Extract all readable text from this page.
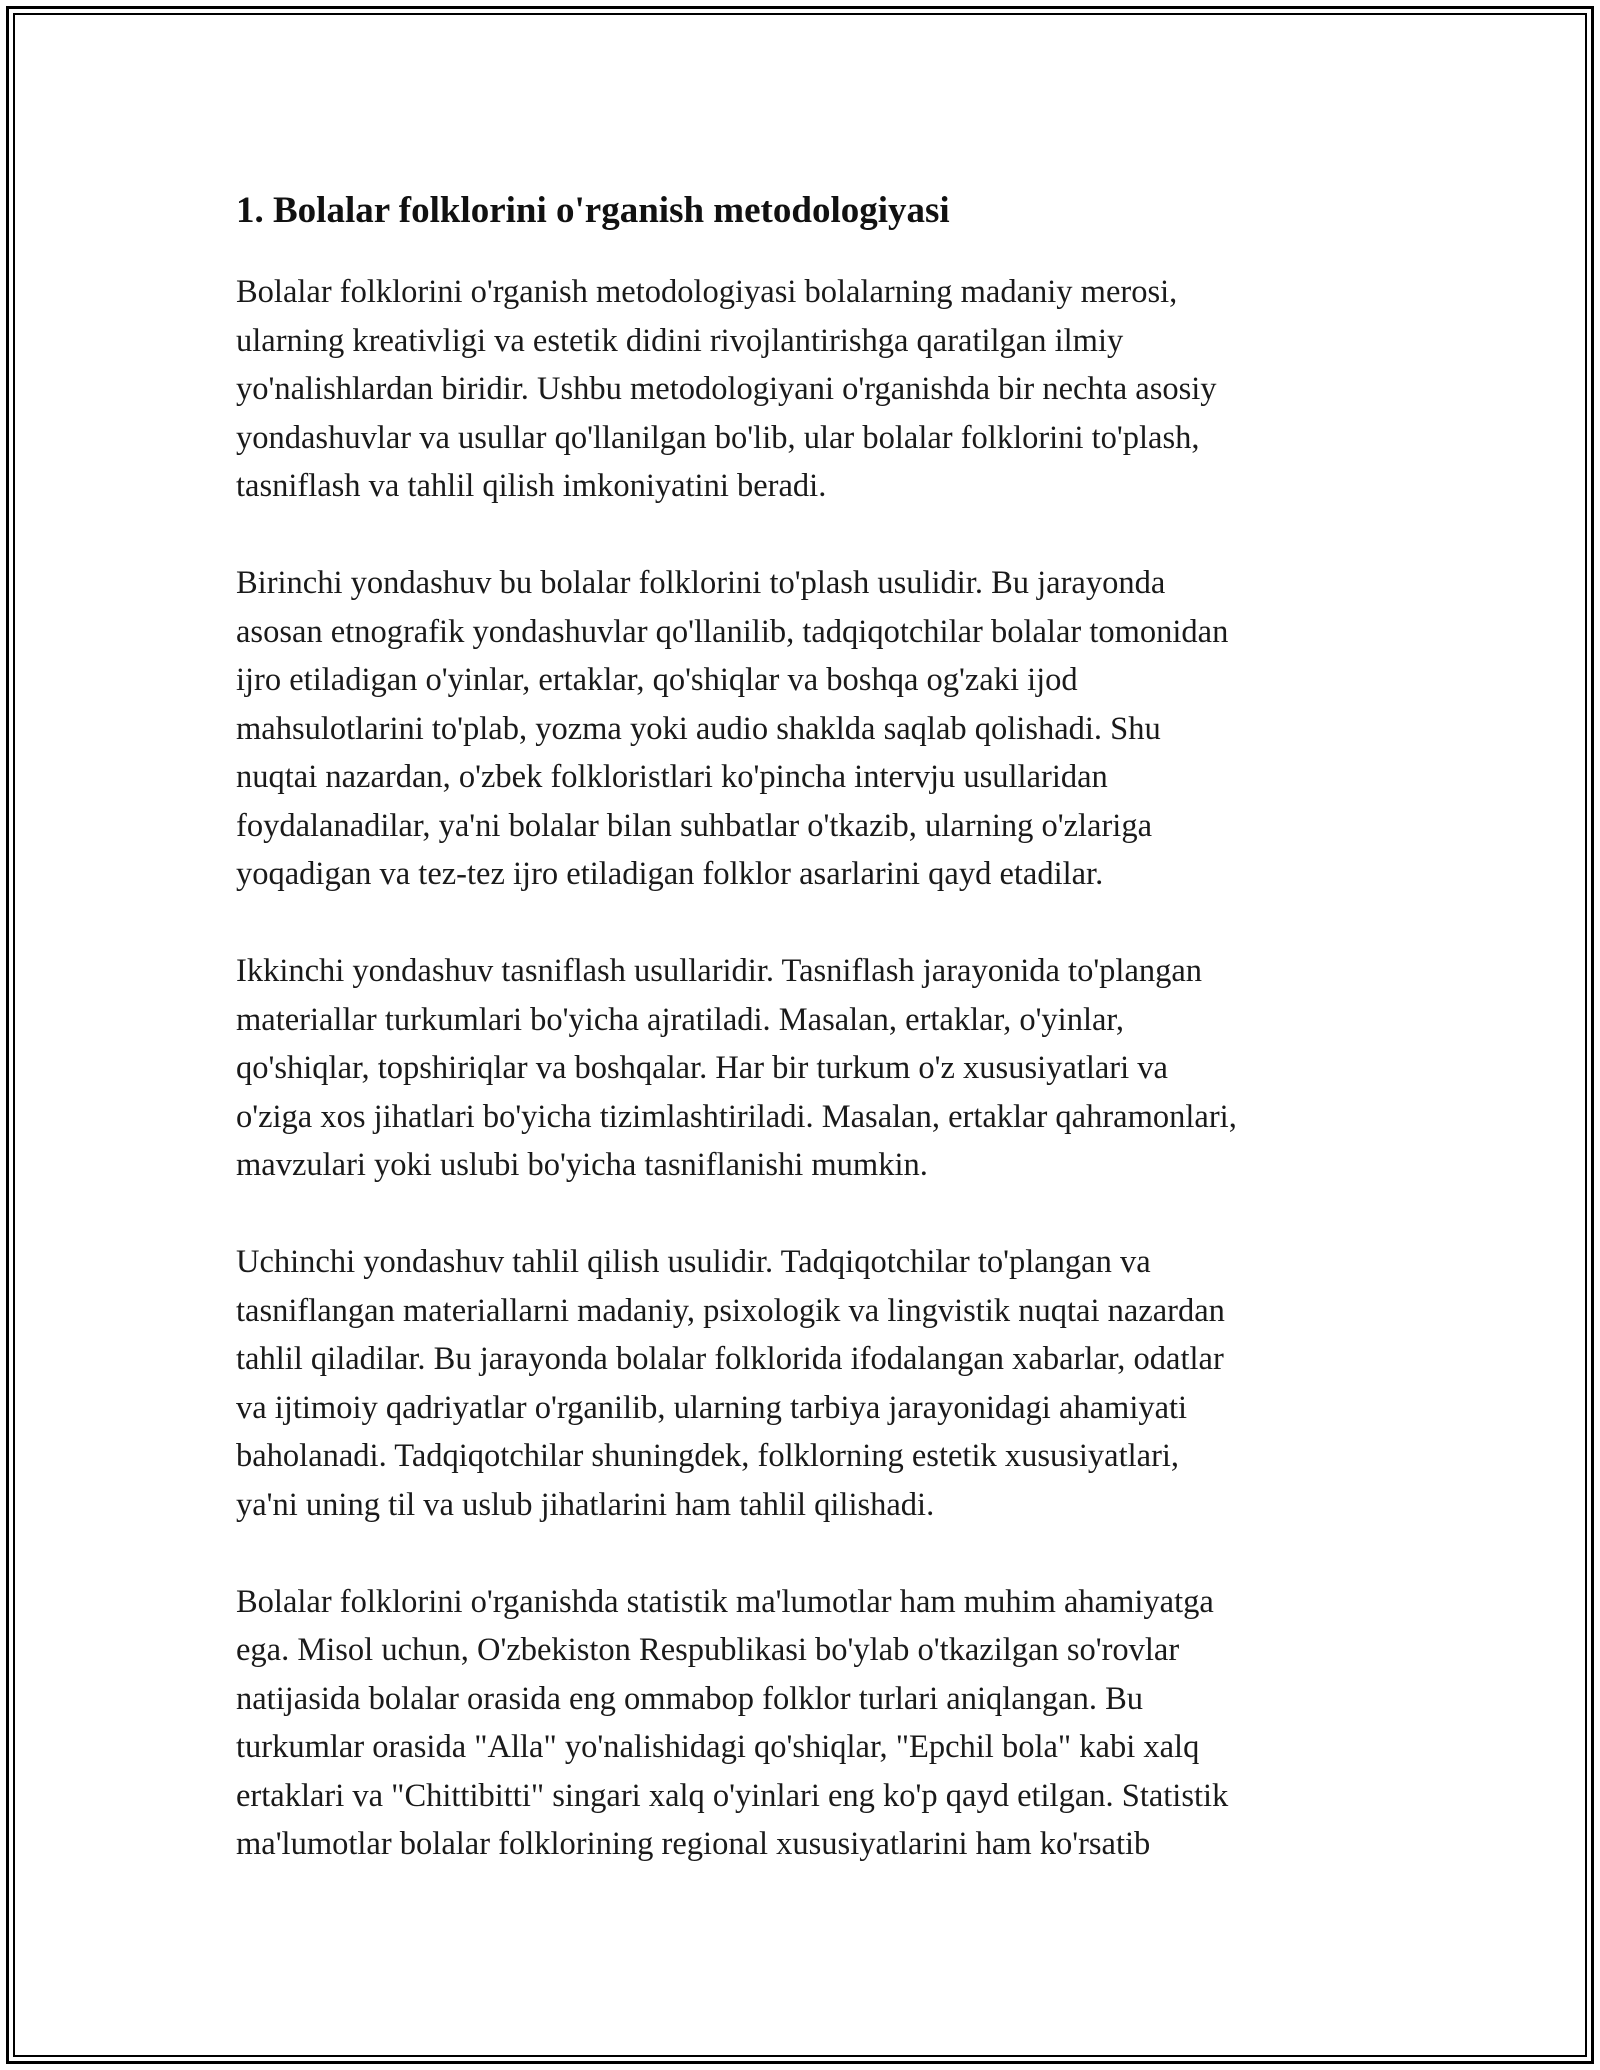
1. Bolalar folklorini o'rganish metodologiyasi
Bolalar folklorini o'rganish metodologiyasi bolalarning madaniy merosi,
ularning kreativligi va estetik didini rivojlantirishga qaratilgan ilmiy
yo'nalishlardan biridir. Ushbu metodologiyani o'rganishda bir nechta asosiy
yondashuvlar va usullar qo'llanilgan bo'lib, ular bolalar folklorini to'plash,
tasniflash va tahlil qilish imkoniyatini beradi.
Birinchi yondashuv bu bolalar folklorini to'plash usulidir. Bu jarayonda
asosan etnografik yondashuvlar qo'llanilib, tadqiqotchilar bolalar tomonidan
ijro etiladigan o'yinlar, ertaklar, qo'shiqlar va boshqa og'zaki ijod
mahsulotlarini to'plab, yozma yoki audio shaklda saqlab qolishadi. Shu
nuqtai nazardan, o'zbek folkloristlari ko'pincha intervju usullaridan
foydalanadilar, ya'ni bolalar bilan suhbatlar o'tkazib, ularning o'zlariga
yoqadigan va tez-tez ijro etiladigan folklor asarlarini qayd etadilar.
Ikkinchi yondashuv tasniflash usullaridir. Tasniflash jarayonida to'plangan
materiallar turkumlari bo'yicha ajratiladi. Masalan, ertaklar, o'yinlar,
qo'shiqlar, topshiriqlar va boshqalar. Har bir turkum o'z xususiyatlari va
o'ziga xos jihatlari bo'yicha tizimlashtiriladi. Masalan, ertaklar qahramonlari,
mavzulari yoki uslubi bo'yicha tasniflanishi mumkin.
Uchinchi yondashuv tahlil qilish usulidir. Tadqiqotchilar to'plangan va
tasniflangan materiallarni madaniy, psixologik va lingvistik nuqtai nazardan
tahlil qiladilar. Bu jarayonda bolalar folklorida ifodalangan xabarlar, odatlar
va ijtimoiy qadriyatlar o'rganilib, ularning tarbiya jarayonidagi ahamiyati
baholanadi. Tadqiqotchilar shuningdek, folklorning estetik xususiyatlari,
ya'ni uning til va uslub jihatlarini ham tahlil qilishadi.
Bolalar folklorini o'rganishda statistik ma'lumotlar ham muhim ahamiyatga
ega. Misol uchun, O'zbekiston Respublikasi bo'ylab o'tkazilgan so'rovlar
natijasida bolalar orasida eng ommabop folklor turlari aniqlangan. Bu
turkumlar orasida "Alla" yo'nalishidagi qo'shiqlar, "Epchil bola" kabi xalq
ertaklari va "Chittibitti" singari xalq o'yinlari eng ko'p qayd etilgan. Statistik
ma'lumotlar bolalar folklorining regional xususiyatlarini ham ko'rsatib
